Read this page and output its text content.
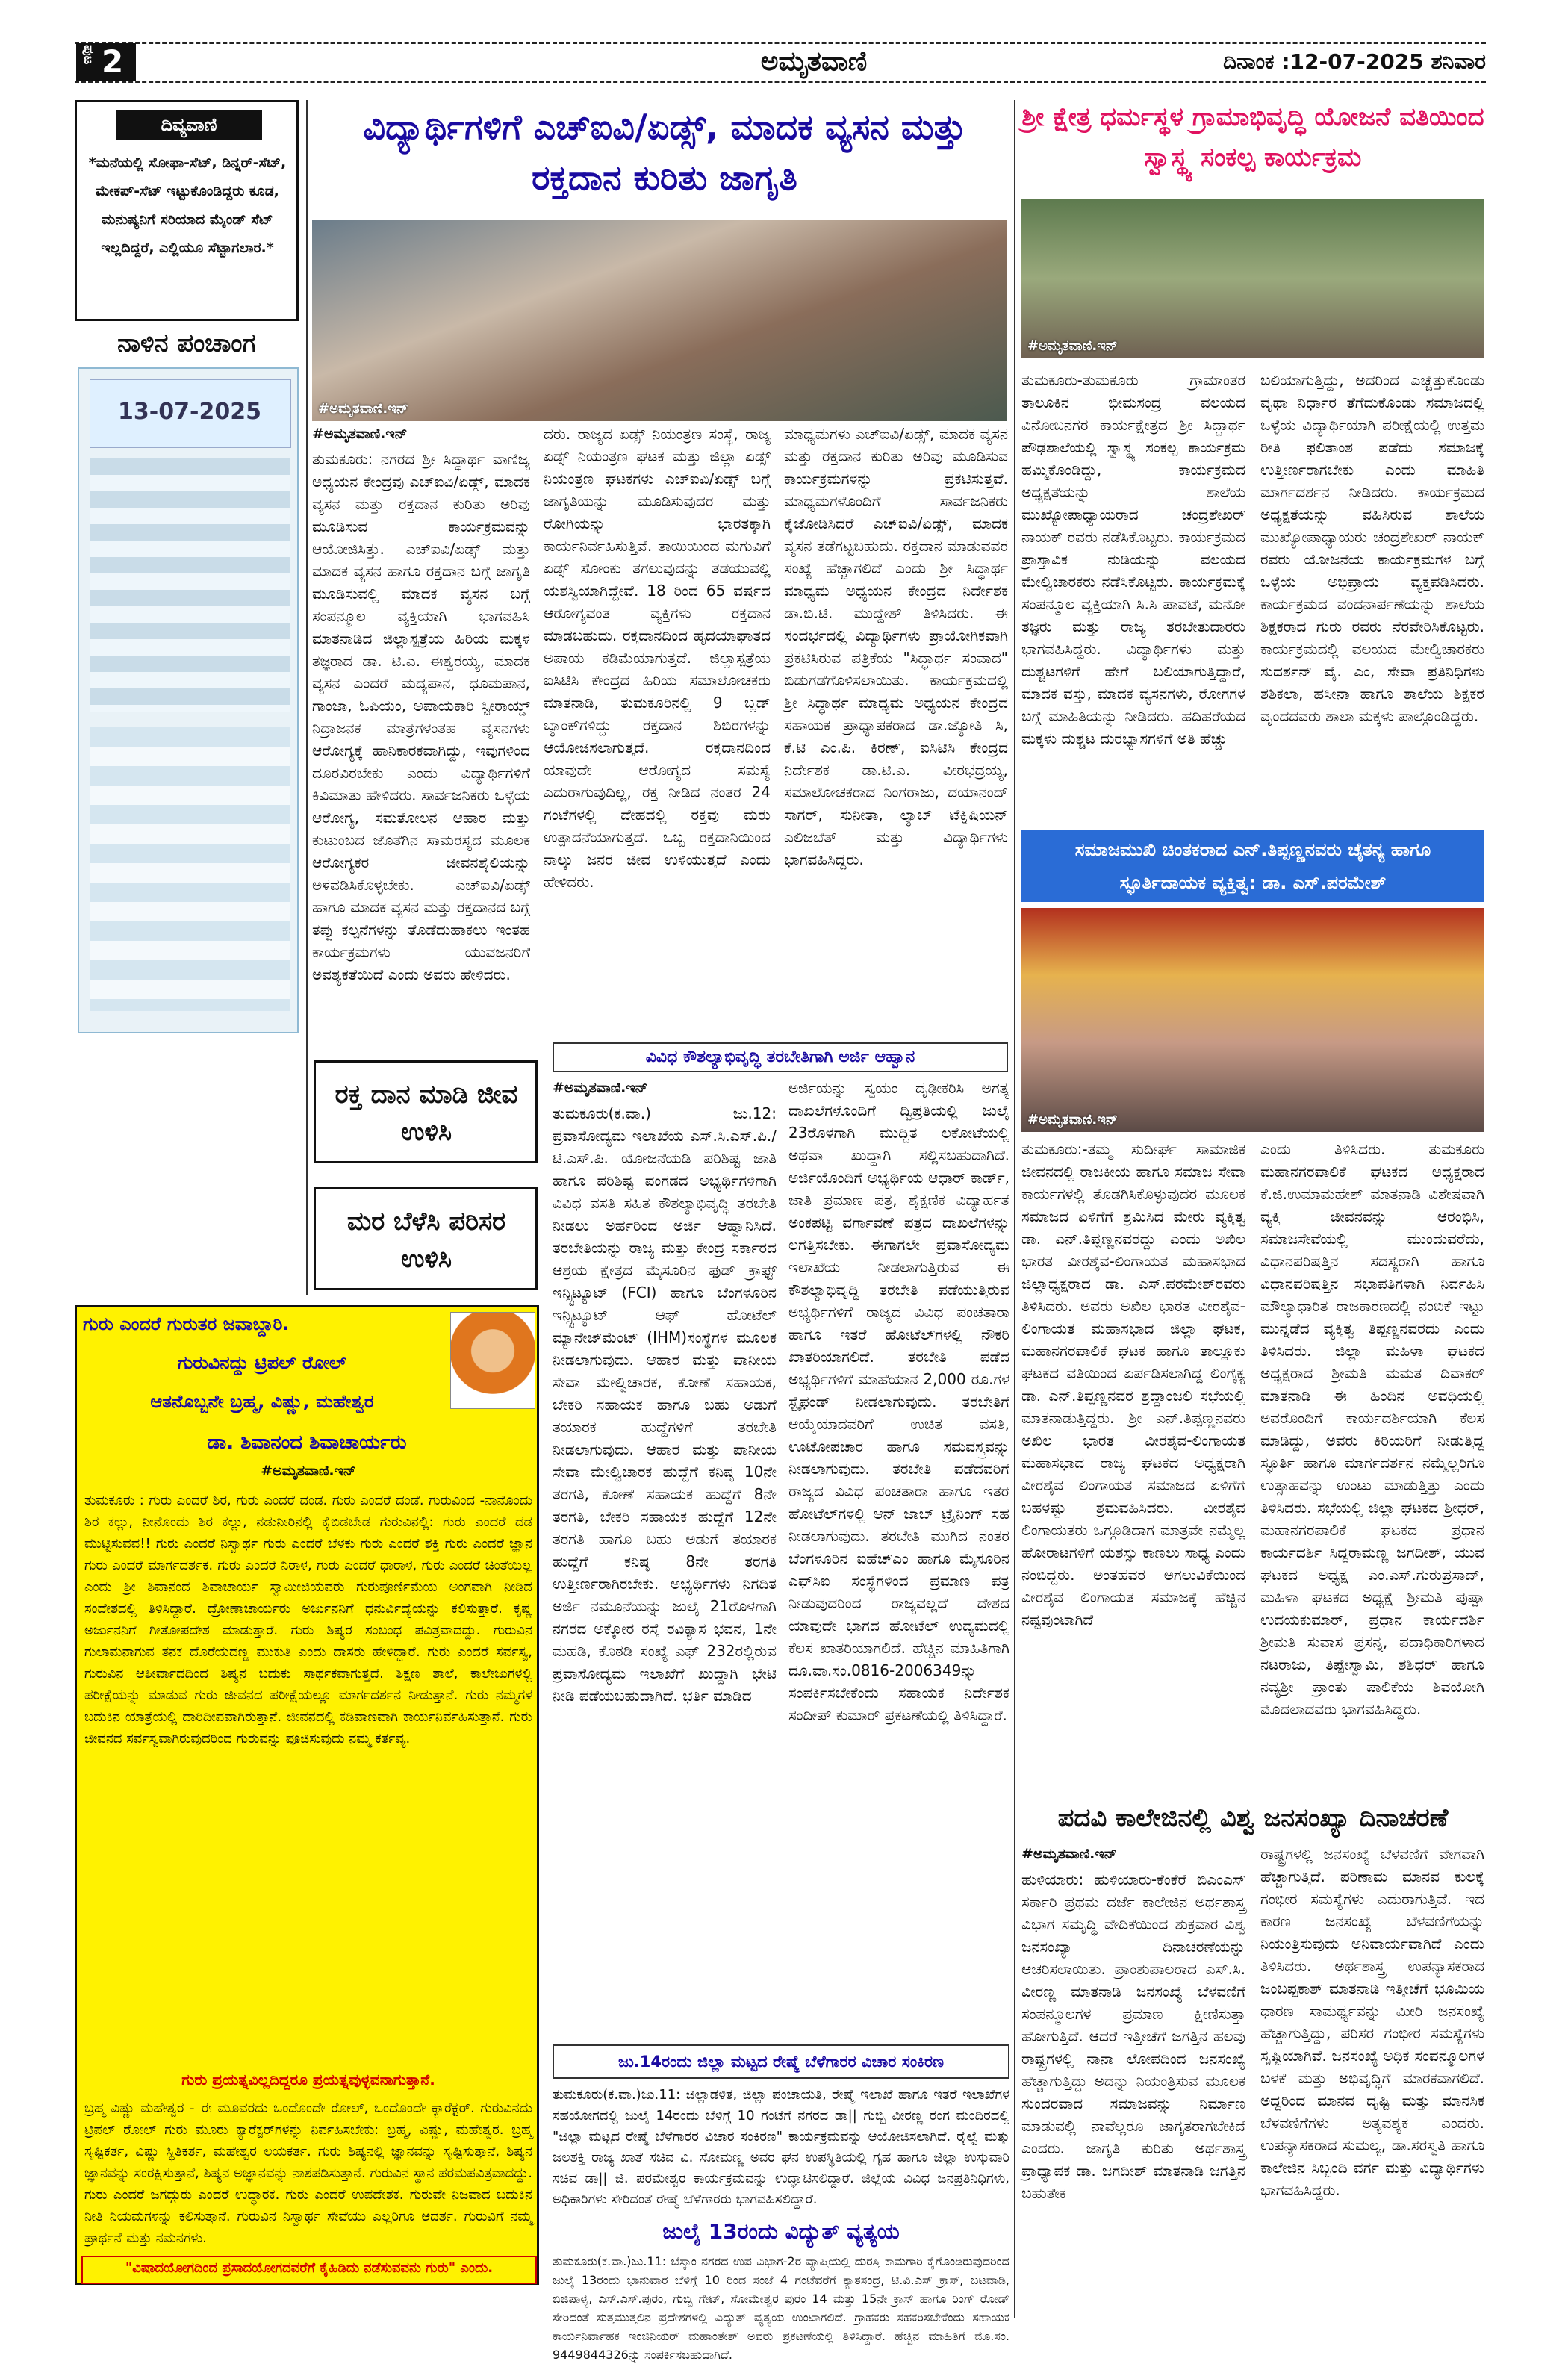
ಪುಟ 2	ಅಮೃತವಾಣಿ	ದಿನಾಂಕ :12-07-2025 ಶನಿವಾರ
ದಿವ್ಯವಾಣಿ
*ಮನೆಯಲ್ಲಿ ಸೋಫಾ-ಸೆಟ್, ಡಿನ್ನರ್-ಸೆಟ್, ಮೇಕಪ್-ಸೆಟ್ ಇಟ್ಟುಕೊಂಡಿದ್ದರು ಕೂಡ, ಮನುಷ್ಯನಿಗೆ ಸರಿಯಾದ ಮೈಂಡ್ ಸೆಟ್ ಇಲ್ಲದಿದ್ದರೆ, ಎಲ್ಲಿಯೂ ಸೆಟ್ಟಾಗಲಾರ.*
ನಾಳಿನ ಪಂಚಾಂಗ
13-07-2025
ರಕ್ತ ದಾನ ಮಾಡಿ ಜೀವ ಉಳಿಸಿ
ಮರ ಬೆಳೆಸಿ ಪರಿಸರ ಉಳಿಸಿ
ವಿದ್ಯಾರ್ಥಿಗಳಿಗೆ ಎಚ್‌ಐವಿ/ಏಡ್ಸ್, ಮಾದಕ ವ್ಯಸನ ಮತ್ತು ರಕ್ತದಾನ ಕುರಿತು ಜಾಗೃತಿ
#ಅಮೃತವಾಣಿ.ಇನ್
#ಅಮೃತವಾಣಿ.ಇನ್

ತುಮಕೂರು: ನಗರದ ಶ್ರೀ ಸಿದ್ಧಾರ್ಥ ವಾಣಿಜ್ಯ ಅಧ್ಯಯನ ಕೇಂದ್ರವು ಎಚ್‌ಐವಿ/ಏಡ್ಸ್, ಮಾದಕ ವ್ಯಸನ ಮತ್ತು ರಕ್ತದಾನ ಕುರಿತು ಅರಿವು ಮೂಡಿಸುವ ಕಾರ್ಯಕ್ರಮವನ್ನು ಆಯೋಜಿಸಿತ್ತು. ಎಚ್‌ಐವಿ/ಏಡ್ಸ್ ಮತ್ತು ಮಾದಕ ವ್ಯಸನ ಹಾಗೂ ರಕ್ತದಾನ ಬಗ್ಗೆ ಜಾಗೃತಿ ಮೂಡಿಸುವಲ್ಲಿ ಮಾದಕ ವ್ಯಸನ ಬಗ್ಗೆ ಸಂಪನ್ಮೂಲ ವ್ಯಕ್ತಿಯಾಗಿ ಭಾಗವಹಿಸಿ ಮಾತನಾಡಿದ ಜಿಲ್ಲಾಸ್ಪತ್ರೆಯ ಹಿರಿಯ ಮಕ್ಕಳ ತಜ್ಞರಾದ ಡಾ. ಟಿ.ಎ. ಈಶ್ವರಯ್ಯ, ಮಾದಕ ವ್ಯಸನ ಎಂದರೆ ಮದ್ಯಪಾನ, ಧೂಮಪಾನ, ಗಾಂಜಾ, ಓಪಿಯಂ, ಅಪಾಯಕಾರಿ ಸ್ಟೀರಾಯ್ಡ್ ನಿದ್ರಾಜನಕ ಮಾತ್ರೆಗಳಂತಹ ವ್ಯಸನಗಳು ಆರೋಗ್ಯಕ್ಕೆ ಹಾನಿಕಾರಕವಾಗಿದ್ದು, ಇವುಗಳಿಂದ ದೂರವಿರಬೇಕು ಎಂದು ವಿದ್ಯಾರ್ಥಿಗಳಿಗೆ ಕಿವಿಮಾತು ಹೇಳಿದರು. ಸಾರ್ವಜನಿಕರು ಒಳ್ಳೆಯ ಆರೋಗ್ಯ, ಸಮತೋಲನ ಆಹಾರ ಮತ್ತು ಕುಟುಂಬದ ಜೊತೆಗಿನ ಸಾಮರಸ್ಯದ ಮೂಲಕ ಆರೋಗ್ಯಕರ ಜೀವನಶೈಲಿಯನ್ನು ಅಳವಡಿಸಿಕೊಳ್ಳಬೇಕು. ಎಚ್‌ಐವಿ/ಏಡ್ಸ್ ಹಾಗೂ ಮಾದಕ ವ್ಯಸನ ಮತ್ತು ರಕ್ತದಾನದ ಬಗ್ಗೆ ತಪ್ಪು ಕಲ್ಪನೆಗಳನ್ನು ತೊಡೆದುಹಾಕಲು ಇಂತಹ ಕಾರ್ಯಕ್ರಮಗಳು ಯುವಜನರಿಗೆ ಅವಶ್ಯಕತೆಯಿದೆ ಎಂದು ಅವರು ಹೇಳಿದರು.

ದರು. ರಾಜ್ಯದ ಏಡ್ಸ್ ನಿಯಂತ್ರಣ ಸಂಸ್ಥೆ, ರಾಜ್ಯ ಏಡ್ಸ್ ನಿಯಂತ್ರಣ ಘಟಕ ಮತ್ತು ಜಿಲ್ಲಾ ಏಡ್ಸ್ ನಿಯಂತ್ರಣ ಘಟಕಗಳು ಎಚ್‌ಐವಿ/ಏಡ್ಸ್ ಬಗ್ಗೆ ಜಾಗೃತಿಯನ್ನು ಮೂಡಿಸುವುದರ ಮತ್ತು ರೋಗಿಯನ್ನು ಭಾರತಕ್ಕಾಗಿ ಕಾರ್ಯನಿರ್ವಹಿಸುತ್ತಿವೆ. ತಾಯಿಯಿಂದ ಮಗುವಿಗೆ ಏಡ್ಸ್ ಸೋಂಕು ತಗಲುವುದನ್ನು ತಡೆಯುವಲ್ಲಿ ಯಶಸ್ವಿಯಾಗಿದ್ದೇವೆ. 18 ರಿಂದ 65 ವರ್ಷದ ಆರೋಗ್ಯವಂತ ವ್ಯಕ್ತಿಗಳು ರಕ್ತದಾನ ಮಾಡಬಹುದು. ರಕ್ತದಾನದಿಂದ ಹೃದಯಾಘಾತದ ಅಪಾಯ ಕಡಿಮೆಯಾಗುತ್ತದೆ. ಜಿಲ್ಲಾಸ್ಪತ್ರೆಯ ಐಸಿಟಿಸಿ ಕೇಂದ್ರದ ಹಿರಿಯ ಸಮಾಲೋಚಕರು ಮಾತನಾಡಿ, ತುಮಕೂರಿನಲ್ಲಿ 9 ಬ್ಲಡ್ ಬ್ಯಾಂಕ್‌ಗಳಿದ್ದು ರಕ್ತದಾನ ಶಿಬಿರಗಳನ್ನು ಆಯೋಜಿಸಲಾಗುತ್ತದೆ. ರಕ್ತದಾನದಿಂದ ಯಾವುದೇ ಆರೋಗ್ಯದ ಸಮಸ್ಯೆ ಎದುರಾಗುವುದಿಲ್ಲ, ರಕ್ತ ನೀಡಿದ ನಂತರ 24 ಗಂಟೆಗಳಲ್ಲಿ ದೇಹದಲ್ಲಿ ರಕ್ತವು ಮರು ಉತ್ಪಾದನೆಯಾಗುತ್ತದೆ. ಒಬ್ಬ ರಕ್ತದಾನಿಯಿಂದ ನಾಲ್ಕು ಜನರ ಜೀವ ಉಳಿಯುತ್ತದೆ ಎಂದು ಹೇಳಿದರು.

ಮಾಧ್ಯಮಗಳು ಎಚ್‌ಐವಿ/ಏಡ್ಸ್, ಮಾದಕ ವ್ಯಸನ ಮತ್ತು ರಕ್ತದಾನ ಕುರಿತು ಅರಿವು ಮೂಡಿಸುವ ಕಾರ್ಯಕ್ರಮಗಳನ್ನು ಪ್ರಕಟಿಸುತ್ತವೆ. ಮಾಧ್ಯಮಗಳೊಂದಿಗೆ ಸಾರ್ವಜನಿಕರು ಕೈಜೋಡಿಸಿದರೆ ಎಚ್‌ಐವಿ/ಏಡ್ಸ್, ಮಾದಕ ವ್ಯಸನ ತಡೆಗಟ್ಟಬಹುದು. ರಕ್ತದಾನ ಮಾಡುವವರ ಸಂಖ್ಯೆ ಹೆಚ್ಚಾಗಲಿದೆ ಎಂದು ಶ್ರೀ ಸಿದ್ಧಾರ್ಥ ಮಾಧ್ಯಮ ಅಧ್ಯಯನ ಕೇಂದ್ರದ ನಿರ್ದೇಶಕ ಡಾ.ಬಿ.ಟಿ. ಮುದ್ದೇಶ್ ತಿಳಿಸಿದರು. ಈ ಸಂದರ್ಭದಲ್ಲಿ ವಿದ್ಯಾರ್ಥಿಗಳು ಪ್ರಾಯೋಗಿಕವಾಗಿ ಪ್ರಕಟಿಸಿರುವ ಪತ್ರಿಕೆಯ "ಸಿದ್ಧಾರ್ಥ ಸಂವಾದ" ಬಿಡುಗಡೆಗೊಳಿಸಲಾಯಿತು. ಕಾರ್ಯಕ್ರಮದಲ್ಲಿ ಶ್ರೀ ಸಿದ್ಧಾರ್ಥ ಮಾಧ್ಯಮ ಅಧ್ಯಯನ ಕೇಂದ್ರದ ಸಹಾಯಕ ಪ್ರಾಧ್ಯಾಪಕರಾದ ಡಾ.ಜ್ಯೋತಿ ಸಿ, ಕೆ.ಟಿ ಎಂ.ಪಿ. ಕಿರಣ್, ಐಸಿಟಿಸಿ ಕೇಂದ್ರದ ನಿರ್ದೇಶಕ ಡಾ.ಟಿ.ಎ. ವೀರಭದ್ರಯ್ಯ, ಸಮಾಲೋಚಕರಾದ ನಿಂಗರಾಜು, ದಯಾನಂದ್ ಸಾಗರ್, ಸುನೀತಾ, ಲ್ಯಾಬ್ ಟೆಕ್ನಿಷಿಯನ್ ಎಲಿಜಬೆತ್ ಮತ್ತು ವಿದ್ಯಾರ್ಥಿಗಳು ಭಾಗವಹಿಸಿದ್ದರು.

ಶ್ರೀ ಕ್ಷೇತ್ರ ಧರ್ಮಸ್ಥಳ ಗ್ರಾಮಾಭಿವೃದ್ಧಿ ಯೋಜನೆ ವತಿಯಿಂದ ಸ್ವಾಸ್ಥ್ಯ ಸಂಕಲ್ಪ ಕಾರ್ಯಕ್ರಮ
#ಅಮೃತವಾಣಿ.ಇನ್

ತುಮಕೂರು-ತುಮಕೂರು ಗ್ರಾಮಾಂತರ ತಾಲೂಕಿನ ಭೀಮಸಂದ್ರ ವಲಯದ ವಿನೋಬನಗರ ಕಾರ್ಯಕ್ಷೇತ್ರದ ಶ್ರೀ ಸಿದ್ಧಾರ್ಥ ಪೌಢಶಾಲೆಯಲ್ಲಿ ಸ್ವಾಸ್ಥ್ಯ ಸಂಕಲ್ಪ ಕಾರ್ಯಕ್ರಮ ಹಮ್ಮಿಕೊಂಡಿದ್ದು, ಕಾರ್ಯಕ್ರಮದ ಅಧ್ಯಕ್ಷತೆಯನ್ನು ಶಾಲೆಯ ಮುಖ್ಯೋಪಾಧ್ಯಾಯರಾದ ಚಂದ್ರಶೇಖರ್ ನಾಯಕ್ ರವರು ನಡೆಸಿಕೊಟ್ಟರು. ಕಾರ್ಯಕ್ರಮದ ಪ್ರಾಸ್ತಾವಿಕ ನುಡಿಯನ್ನು ವಲಯದ ಮೇಲ್ವಿಚಾರಕರು ನಡೆಸಿಕೊಟ್ಟರು. ಕಾರ್ಯಕ್ರಮಕ್ಕೆ ಸಂಪನ್ಮೂಲ ವ್ಯಕ್ತಿಯಾಗಿ ಸಿ.ಸಿ ಪಾವಟೆ, ಮನೋ ತಜ್ಞರು ಮತ್ತು ರಾಜ್ಯ ತರಬೇತುದಾರರು ಭಾಗವಹಿಸಿದ್ದರು. ವಿದ್ಯಾರ್ಥಿಗಳು ಮತ್ತು ದುಶ್ಚಟಗಳಿಗೆ ಹೇಗೆ ಬಲಿಯಾಗುತ್ತಿದ್ದಾರೆ, ಮಾದಕ ವಸ್ತು, ಮಾದಕ ವ್ಯಸನಗಳು, ರೋಗಗಳ ಬಗ್ಗೆ ಮಾಹಿತಿಯನ್ನು ನೀಡಿದರು. ಹದಿಹರೆಯದ ಮಕ್ಕಳು ದುಶ್ಚಟ ದುರಭ್ಯಾಸಗಳಿಗೆ ಅತಿ ಹೆಚ್ಚು

ಬಲಿಯಾಗುತ್ತಿದ್ದು, ಅದರಿಂದ ಎಚ್ಚೆತ್ತುಕೊಂಡು ವೃಥಾ ನಿರ್ಧಾರ ತೆಗೆದುಕೊಂಡು ಸಮಾಜದಲ್ಲಿ ಒಳ್ಳೆಯ ವಿದ್ಯಾರ್ಥಿಯಾಗಿ ಪರೀಕ್ಷೆಯಲ್ಲಿ ಉತ್ತಮ ರೀತಿ ಫಲಿತಾಂಶ ಪಡೆದು ಸಮಾಜಕ್ಕೆ ಉತ್ತೀರ್ಣರಾಗಬೇಕು ಎಂದು ಮಾಹಿತಿ ಮಾರ್ಗದರ್ಶನ ನೀಡಿದರು. ಕಾರ್ಯಕ್ರಮದ ಅಧ್ಯಕ್ಷತೆಯನ್ನು ವಹಿಸಿರುವ ಶಾಲೆಯ ಮುಖ್ಯೋಪಾಧ್ಯಾಯರು ಚಂದ್ರಶೇಖರ್ ನಾಯಕ್ ರವರು ಯೋಜನೆಯ ಕಾರ್ಯಕ್ರಮಗಳ ಬಗ್ಗೆ ಒಳ್ಳೆಯ ಅಭಿಪ್ರಾಯ ವ್ಯಕ್ತಪಡಿಸಿದರು. ಕಾರ್ಯಕ್ರಮದ ವಂದನಾರ್ಪಣೆಯನ್ನು ಶಾಲೆಯ ಶಿಕ್ಷಕರಾದ ಗುರು ರವರು ನೆರವೇರಿಸಿಕೊಟ್ಟರು. ಕಾರ್ಯಕ್ರಮದಲ್ಲಿ ವಲಯದ ಮೇಲ್ವಿಚಾರಕರು ಸುದರ್ಶನ್ ವೈ. ಎಂ, ಸೇವಾ ಪ್ರತಿನಿಧಿಗಳು ಶಶಿಕಲಾ, ಹಸೀನಾ ಹಾಗೂ ಶಾಲೆಯ ಶಿಕ್ಷಕರ ವೃಂದದವರು ಶಾಲಾ ಮಕ್ಕಳು ಪಾಲ್ಗೊಂಡಿದ್ದರು.

ಸಮಾಜಮುಖಿ ಚಿಂತಕರಾದ ಎನ್.ತಿಪ್ಪಣ್ಣನವರು ಚೈತನ್ಯ ಹಾಗೂ ಸ್ಫೂರ್ತಿದಾಯಕ ವ್ಯಕ್ತಿತ್ವ: ಡಾ. ಎಸ್.ಪರಮೇಶ್
#ಅಮೃತವಾಣಿ.ಇನ್

ತುಮಕೂರು:-ತಮ್ಮ ಸುದೀರ್ಘ ಸಾಮಾಜಿಕ ಜೀವನದಲ್ಲಿ ರಾಜಕೀಯ ಹಾಗೂ ಸಮಾಜ ಸೇವಾ ಕಾರ್ಯಗಳಲ್ಲಿ ತೊಡಗಿಸಿಕೊಳ್ಳುವುದರ ಮೂಲಕ ಸಮಾಜದ ಏಳಿಗೆಗೆ ಶ್ರಮಿಸಿದ ಮೇರು ವ್ಯಕ್ತಿತ್ವ ಡಾ. ಎನ್.ತಿಪ್ಪಣ್ಣನವರದ್ದು ಎಂದು ಅಖಿಲ ಭಾರತ ವೀರಶೈವ-ಲಿಂಗಾಯತ ಮಹಾಸಭಾದ ಜಿಲ್ಲಾಧ್ಯಕ್ಷರಾದ ಡಾ. ಎಸ್.ಪರಮೇಶ್‌ರವರು ತಿಳಿಸಿದರು. ಅವರು ಅಖಿಲ ಭಾರತ ವೀರಶೈವ-ಲಿಂಗಾಯತ ಮಹಾಸಭಾದ ಜಿಲ್ಲಾ ಘಟಕ, ಮಹಾನಗರಪಾಲಿಕೆ ಘಟಕ ಹಾಗೂ ತಾಲ್ಲೂಕು ಘಟಕದ ವತಿಯಿಂದ ಏರ್ಪಡಿಸಲಾಗಿದ್ದ ಲಿಂಗೈಕ್ಯ ಡಾ. ಎನ್.ತಿಪ್ಪಣ್ಣನವರ ಶ್ರದ್ಧಾಂಜಲಿ ಸಭೆಯಲ್ಲಿ ಮಾತನಾಡುತ್ತಿದ್ದರು. ಶ್ರೀ ಎನ್.ತಿಪ್ಪಣ್ಣನವರು ಅಖಿಲ ಭಾರತ ವೀರಶೈವ-ಲಿಂಗಾಯತ ಮಹಾಸಭಾದ ರಾಜ್ಯ ಘಟಕದ ಅಧ್ಯಕ್ಷರಾಗಿ ವೀರಶೈವ ಲಿಂಗಾಯತ ಸಮಾಜದ ಏಳಿಗೆಗೆ ಬಹಳಷ್ಟು ಶ್ರಮವಹಿಸಿದರು. ವೀರಶೈವ ಲಿಂಗಾಯತರು ಒಗ್ಗೂಡಿದಾಗ ಮಾತ್ರವೇ ನಮ್ಮೆಲ್ಲ ಹೋರಾಟಗಳಿಗೆ ಯಶಸ್ಸು ಕಾಣಲು ಸಾಧ್ಯ ಎಂದು ನಂಬಿದ್ದರು. ಅಂತಹವರ ಅಗಲುವಿಕೆಯಿಂದ ವೀರಶೈವ ಲಿಂಗಾಯತ ಸಮಾಜಕ್ಕೆ ಹೆಚ್ಚಿನ ನಷ್ಟವುಂಟಾಗಿದೆ

ಎಂದು ತಿಳಿಸಿದರು. ತುಮಕೂರು ಮಹಾನಗರಪಾಲಿಕೆ ಘಟಕದ ಅಧ್ಯಕ್ಷರಾದ ಕೆ.ಜಿ.ಉಮಾಮಹೇಶ್ ಮಾತನಾಡಿ ವಿಶೇಷವಾಗಿ ವ್ಯಕ್ತಿ ಜೀವನವನ್ನು ಆರಂಭಿಸಿ, ಸಮಾಜಸೇವೆಯಲ್ಲಿ ಮುಂದುವರೆದು, ವಿಧಾನಪರಿಷತ್ತಿನ ಸದಸ್ಯರಾಗಿ ಹಾಗೂ ವಿಧಾನಪರಿಷತ್ತಿನ ಸಭಾಪತಿಗಳಾಗಿ ನಿರ್ವಹಿಸಿ ಮೌಲ್ಯಾಧಾರಿತ ರಾಜಕಾರಣದಲ್ಲಿ ನಂಬಿಕೆ ಇಟ್ಟು ಮುನ್ನಡೆದ ವ್ಯಕ್ತಿತ್ವ ತಿಪ್ಪಣ್ಣನವರದು ಎಂದು ತಿಳಿಸಿದರು. ಜಿಲ್ಲಾ ಮಹಿಳಾ ಘಟಕದ ಅಧ್ಯಕ್ಷರಾದ ಶ್ರೀಮತಿ ಮಮತ ದಿವಾಕರ್ ಮಾತನಾಡಿ ಈ ಹಿಂದಿನ ಅವಧಿಯಲ್ಲಿ ಅವರೊಂದಿಗೆ ಕಾರ್ಯದರ್ಶಿಯಾಗಿ ಕೆಲಸ ಮಾಡಿದ್ದು, ಅವರು ಕಿರಿಯರಿಗೆ ನೀಡುತ್ತಿದ್ದ ಸ್ಫೂರ್ತಿ ಹಾಗೂ ಮಾರ್ಗದರ್ಶನ ನಮ್ಮೆಲ್ಲರಿಗೂ ಉತ್ಸಾಹವನ್ನು ಉಂಟು ಮಾಡುತ್ತಿತ್ತು ಎಂದು ತಿಳಿಸಿದರು. ಸಭೆಯಲ್ಲಿ ಜಿಲ್ಲಾ ಘಟಕದ ಶ್ರೀಧರ್, ಮಹಾನಗರಪಾಲಿಕೆ ಘಟಕದ ಪ್ರಧಾನ ಕಾರ್ಯದರ್ಶಿ ಸಿದ್ದರಾಮಣ್ಣ ಜಗದೀಶ್, ಯುವ ಘಟಕದ ಅಧ್ಯಕ್ಷ ಎಂ.ಎಸ್.ಗುರುಪ್ರಸಾದ್, ಮಹಿಳಾ ಘಟಕದ ಅಧ್ಯಕ್ಷೆ ಶ್ರೀಮತಿ ಪುಷ್ಪಾ ಉದಯಕುಮಾರ್, ಪ್ರಧಾನ ಕಾರ್ಯದರ್ಶಿ ಶ್ರೀಮತಿ ಸುವಾಸ ಪ್ರಸನ್ನ, ಪದಾಧಿಕಾರಿಗಳಾದ ನಟರಾಜು, ತಿಪ್ಪೇಸ್ವಾಮಿ, ಶಶಿಧರ್ ಹಾಗೂ ನವ್ಯಶ್ರೀ ಪ್ರಾಂತು ಪಾಲಿಕೆಯ ಶಿವಯೋಗಿ ಮೊದಲಾದವರು ಭಾಗವಹಿಸಿದ್ದರು.

ವಿವಿಧ ಕೌಶಲ್ಯಾಭಿವೃದ್ಧಿ ತರಬೇತಿಗಾಗಿ ಅರ್ಜಿ ಆಹ್ವಾನ
#ಅಮೃತವಾಣಿ.ಇನ್

ತುಮಕೂರು(ಕ.ವಾ.) ಜು.12: ಪ್ರವಾಸೋದ್ಯಮ ಇಲಾಖೆಯ ಎಸ್.ಸಿ.ಎಸ್.ಪಿ./ಟಿ.ಎಸ್.ಪಿ. ಯೋಜನೆಯಡಿ ಪರಿಶಿಷ್ಟ ಜಾತಿ ಹಾಗೂ ಪರಿಶಿಷ್ಟ ಪಂಗಡದ ಅಭ್ಯರ್ಥಿಗಳಿಗಾಗಿ ವಿವಿಧ ವಸತಿ ಸಹಿತ ಕೌಶಲ್ಯಾಭಿವೃದ್ಧಿ ತರಬೇತಿ ನೀಡಲು ಅರ್ಹರಿಂದ ಅರ್ಜಿ ಆಹ್ವಾನಿಸಿದೆ. ತರಬೇತಿಯನ್ನು ರಾಜ್ಯ ಮತ್ತು ಕೇಂದ್ರ ಸರ್ಕಾರದ ಆಶ್ರಯ ಕ್ಷೇತ್ರದ ಮೈಸೂರಿನ ಫುಡ್ ಕ್ರಾಫ್ಟ್ ಇನ್ಸ್ಟಿಟ್ಯೂಟ್ (FCI) ಹಾಗೂ ಬೆಂಗಳೂರಿನ ಇನ್ಸ್ಟಿಟ್ಯೂಟ್ ಆಫ್ ಹೋಟೆಲ್ ಮ್ಯಾನೇಜ್‌ಮೆಂಟ್ (IHM)ಸಂಸ್ಥೆಗಳ ಮೂಲಕ ನೀಡಲಾಗುವುದು. ಆಹಾರ ಮತ್ತು ಪಾನೀಯ ಸೇವಾ ಮೇಲ್ವಿಚಾರಕ, ಕೋಣೆ ಸಹಾಯಕ, ಬೇಕರಿ ಸಹಾಯಕ ಹಾಗೂ ಬಹು ಅಡುಗೆ ತಯಾರಕ ಹುದ್ದೆಗಳಿಗೆ ತರಬೇತಿ ನೀಡಲಾಗುವುದು. ಆಹಾರ ಮತ್ತು ಪಾನೀಯ ಸೇವಾ ಮೇಲ್ವಿಚಾರಕ ಹುದ್ದೆಗೆ ಕನಿಷ್ಠ 10ನೇ ತರಗತಿ, ಕೋಣೆ ಸಹಾಯಕ ಹುದ್ದೆಗೆ 8ನೇ ತರಗತಿ, ಬೇಕರಿ ಸಹಾಯಕ ಹುದ್ದೆಗೆ 12ನೇ ತರಗತಿ ಹಾಗೂ ಬಹು ಅಡುಗೆ ತಯಾರಕ ಹುದ್ದೆಗೆ ಕನಿಷ್ಠ 8ನೇ ತರಗತಿ ಉತ್ತೀರ್ಣರಾಗಿರಬೇಕು. ಅಭ್ಯರ್ಥಿಗಳು ನಿಗದಿತ ಅರ್ಜಿ ನಮೂನೆಯನ್ನು ಜುಲೈ 21ರೊಳಗಾಗಿ ನಗರದ ಅಕ್ಕೋರ ರಸ್ತೆ ರವಿಕ್ಯಾಸ ಭವನ, 1ನೇ ಮಹಡಿ, ಕೊಠಡಿ ಸಂಖ್ಯೆ ಎಫ್ 232ರಲ್ಲಿರುವ ಪ್ರವಾಸೋದ್ಯಮ ಇಲಾಖೆಗೆ ಖುದ್ದಾಗಿ ಭೇಟಿ ನೀಡಿ ಪಡೆಯಬಹುದಾಗಿದೆ. ಭರ್ತಿ ಮಾಡಿದ

ಅರ್ಜಿಯನ್ನು ಸ್ವಯಂ ದೃಢೀಕರಿಸಿ ಅಗತ್ಯ ದಾಖಲೆಗಳೊಂದಿಗೆ ದ್ವಿಪ್ರತಿಯಲ್ಲಿ ಜುಲೈ 23ರೊಳಗಾಗಿ ಮುದ್ದಿತ ಲಕೋಟೆಯಲ್ಲಿ ಅಥವಾ ಖುದ್ದಾಗಿ ಸಲ್ಲಿಸಬಹುದಾಗಿದೆ. ಅರ್ಜಿಯೊಂದಿಗೆ ಅಭ್ಯರ್ಥಿಯ ಆಧಾರ್ ಕಾರ್ಡ್, ಜಾತಿ ಪ್ರಮಾಣ ಪತ್ರ, ಶೈಕ್ಷಣಿಕ ವಿದ್ಯಾರ್ಹತೆ ಅಂಕಪಟ್ಟಿ ವರ್ಗಾವಣೆ ಪತ್ರದ ದಾಖಲೆಗಳನ್ನು ಲಗತ್ತಿಸಬೇಕು. ಈಗಾಗಲೇ ಪ್ರವಾಸೋದ್ಯಮ ಇಲಾಖೆಯ ನೀಡಲಾಗುತ್ತಿರುವ ಈ ಕೌಶಲ್ಯಾಭಿವೃದ್ಧಿ ತರಬೇತಿ ಪಡೆಯುತ್ತಿರುವ ಅಭ್ಯರ್ಥಿಗಳಿಗೆ ರಾಜ್ಯದ ವಿವಿಧ ಪಂಚತಾರಾ ಹಾಗೂ ಇತರೆ ಹೋಟೆಲ್‌ಗಳಲ್ಲಿ ನೌಕರಿ ಖಾತರಿಯಾಗಲಿದೆ. ತರಬೇತಿ ಪಡೆದ ಅಭ್ಯರ್ಥಿಗಳಿಗೆ ಮಾಹೆಯಾನ 2,000 ರೂ.ಗಳ ಸ್ಟೈಫಂಡ್ ನೀಡಲಾಗುವುದು. ತರಬೇತಿಗೆ ಆಯ್ಕೆಯಾದವರಿಗೆ ಉಚಿತ ವಸತಿ, ಊಟೋಪಚಾರ ಹಾಗೂ ಸಮವಸ್ತ್ರವನ್ನು ನೀಡಲಾಗುವುದು. ತರಬೇತಿ ಪಡೆದವರಿಗೆ ರಾಜ್ಯದ ವಿವಿಧ ಪಂಚತಾರಾ ಹಾಗೂ ಇತರೆ ಹೋಟೆಲ್‌ಗಳಲ್ಲಿ ಆನ್ ಜಾಬ್ ಟ್ರೈನಿಂಗ್ ಸಹ ನೀಡಲಾಗುವುದು. ತರಬೇತಿ ಮುಗಿದ ನಂತರ ಬೆಂಗಳೂರಿನ ಐಹೆಚ್‌ಎಂ ಹಾಗೂ ಮೈಸೂರಿನ ಎಫ್‌ಸಿಐ ಸಂಸ್ಥೆಗಳಿಂದ ಪ್ರಮಾಣ ಪತ್ರ ನೀಡುವುದರಿಂದ ರಾಜ್ಯವಲ್ಲದೆ ದೇಶದ ಯಾವುದೇ ಭಾಗದ ಹೋಟೆಲ್ ಉದ್ಯಮದಲ್ಲಿ ಕೆಲಸ ಖಾತರಿಯಾಗಲಿದೆ. ಹೆಚ್ಚಿನ ಮಾಹಿತಿಗಾಗಿ ದೂ.ವಾ.ಸಂ.0816-2006349ನ್ನು ಸಂಪರ್ಕಿಸಬೇಕೆಂದು ಸಹಾಯಕ ನಿರ್ದೇಶಕ ಸಂದೀಪ್ ಕುಮಾರ್ ಪ್ರಕಟಣೆಯಲ್ಲಿ ತಿಳಿಸಿದ್ದಾರೆ.

ಗುರು ಎಂದರೆ ಗುರುತರ ಜವಾಬ್ದಾರಿ.
ಗುರುವಿನದ್ದು ಟ್ರಿಪಲ್ ರೋಲ್
ಆತನೊಬ್ಬನೇ ಬ್ರಹ್ಮ, ವಿಷ್ಣು, ಮಹೇಶ್ವರ
ಡಾ. ಶಿವಾನಂದ ಶಿವಾಚಾರ್ಯರು
#ಅಮೃತವಾಣಿ.ಇನ್
ತುಮಕೂರು : ಗುರು ಎಂದರೆ ಶಿರ, ಗುರು ಎಂದರೆ ದಂಡ. ಗುರು ಎಂದರೆ ದಂಡೆ. ಗುರುವಿಂದ -ನಾನೊಂದು ಶಿರ ಕಲ್ಲು, ನೀನೊಂದು ಶಿರ ಕಲ್ಲು, ನಡುನೀರಿನಲ್ಲಿ ಕೈಬಿಡಬೇಡ ಗುರುವಿನಲ್ಲಿ: ಗುರು ಎಂದರೆ ದಡ ಮುಟ್ಟಿಸುವವ!! ಗುರು ಎಂದರೆ ನಿಸ್ವಾರ್ಥ ಗುರು ಎಂದರೆ ಬೆಳಕು ಗುರು ಎಂದರೆ ಶಕ್ತಿ ಗುರು ಎಂದರೆ ಜ್ಞಾನ ಗುರು ಎಂದರೆ ಮಾರ್ಗದರ್ಶಕ. ಗುರು ಎಂದರೆ ನಿರಾಳ, ಗುರು ಎಂದರೆ ಧಾರಾಳ, ಗುರು ಎಂದರೆ ಚಿಂತೆಯಿಲ್ಲ ಎಂದು ಶ್ರೀ ಶಿವಾನಂದ ಶಿವಾಚಾರ್ಯ ಸ್ವಾಮೀಜಿಯವರು ಗುರುಪೂರ್ಣಿಮೆಯ ಅಂಗವಾಗಿ ನೀಡಿದ ಸಂದೇಶದಲ್ಲಿ ತಿಳಿಸಿದ್ದಾರೆ. ದ್ರೋಣಾಚಾರ್ಯರು ಅರ್ಜುನನಿಗೆ ಧನುರ್ವಿದ್ಯೆಯನ್ನು ಕಲಿಸುತ್ತಾರೆ. ಕೃಷ್ಣ ಅರ್ಜುನನಿಗೆ ಗೀತೋಪದೇಶ ಮಾಡುತ್ತಾರೆ. ಗುರು ಶಿಷ್ಯರ ಸಂಬಂಧ ಪವಿತ್ರವಾದದ್ದು. ಗುರುವಿನ ಗುಲಾಮನಾಗುವ ತನಕ ದೊರೆಯದಣ್ಣ ಮುಕುತಿ ಎಂದು ದಾಸರು ಹೇಳಿದ್ದಾರೆ. ಗುರು ಎಂದರೆ ಸರ್ವಸ್ವ, ಗುರುವಿನ ಆಶೀರ್ವಾದದಿಂದ ಶಿಷ್ಯನ ಬದುಕು ಸಾರ್ಥಕವಾಗುತ್ತದೆ. ಶಿಕ್ಷಣ ಶಾಲೆ, ಕಾಲೇಜುಗಳಲ್ಲಿ ಪರೀಕ್ಷೆಯನ್ನು ಮಾಡುವ ಗುರು ಜೀವನದ ಪರೀಕ್ಷೆಯಲ್ಲೂ ಮಾರ್ಗದರ್ಶನ ನೀಡುತ್ತಾನೆ. ಗುರು ನಮ್ಮಗಳ ಬದುಕಿನ ಯಾತ್ರೆಯಲ್ಲಿ ದಾರಿದೀಪವಾಗಿರುತ್ತಾನೆ. ಜೀವನದಲ್ಲಿ ಕಡಿವಾಣವಾಗಿ ಕಾರ್ಯನಿರ್ವಹಿಸುತ್ತಾನೆ. ಗುರು ಜೀವನದ ಸರ್ವಸ್ವವಾಗಿರುವುದರಿಂದ ಗುರುವನ್ನು ಪೂಜಿಸುವುದು ನಮ್ಮ ಕರ್ತವ್ಯ.
ಗುರು ಪ್ರಯತ್ನವಿಲ್ಲದಿದ್ದರೂ ಪ್ರಯತ್ನವುಳ್ಳವನಾಗುತ್ತಾನೆ.
ಬ್ರಹ್ಮ ವಿಷ್ಣು ಮಹೇಶ್ವರ - ಈ ಮೂವರದು ಒಂದೊಂದೇ ರೋಲ್, ಒಂದೊಂದೇ ಕ್ಯಾರೆಕ್ಟರ್. ಗುರುವಿನದು ಟ್ರಿಪಲ್ ರೋಲ್ ಗುರು ಮೂರು ಕ್ಯಾರೆಕ್ಟರ್‌ಗಳನ್ನು ನಿರ್ವಹಿಸಬೇಕು: ಬ್ರಹ್ಮ, ವಿಷ್ಣು, ಮಹೇಶ್ವರ. ಬ್ರಹ್ಮ ಸೃಷ್ಟಿಕರ್ತ, ವಿಷ್ಣು ಸ್ಥಿತಿಕರ್ತ, ಮಹೇಶ್ವರ ಲಯಕರ್ತ. ಗುರು ಶಿಷ್ಯನಲ್ಲಿ ಜ್ಞಾನವನ್ನು ಸೃಷ್ಟಿಸುತ್ತಾನೆ, ಶಿಷ್ಯನ ಜ್ಞಾನವನ್ನು ಸಂರಕ್ಷಿಸುತ್ತಾನೆ, ಶಿಷ್ಯನ ಅಜ್ಞಾನವನ್ನು ನಾಶಪಡಿಸುತ್ತಾನೆ. ಗುರುವಿನ ಸ್ಥಾನ ಪರಮಪವಿತ್ರವಾದದ್ದು. ಗುರು ಎಂದರೆ ಜಗದ್ಗುರು ಎಂದರೆ ಉದ್ಧಾರಕ. ಗುರು ಎಂದರೆ ಉಪದೇಶಕ. ಗುರುವೇ ನಿಜವಾದ ಬದುಕಿನ ನೀತಿ ನಿಯಮಗಳನ್ನು ಕಲಿಸುತ್ತಾನೆ. ಗುರುವಿನ ನಿಸ್ವಾರ್ಥ ಸೇವೆಯು ಎಲ್ಲರಿಗೂ ಆದರ್ಶ. ಗುರುವಿಗೆ ನಮ್ಮ ಪ್ರಾರ್ಥನೆ ಮತ್ತು ನಮನಗಳು.
"ವಿಷಾದಯೋಗದಿಂದ ಪ್ರಸಾದಯೋಗದವರೆಗೆ ಕೈಹಿಡಿದು ನಡೆಸುವವನು ಗುರು" ಎಂದು.
ಜು.14ರಂದು ಜಿಲ್ಲಾ ಮಟ್ಟದ ರೇಷ್ಮೆ ಬೆಳೆಗಾರರ ವಿಚಾರ ಸಂಕಿರಣ
ತುಮಕೂರು(ಕ.ವಾ.)ಜು.11: ಜಿಲ್ಲಾಡಳಿತ, ಜಿಲ್ಲಾ ಪಂಚಾಯತಿ, ರೇಷ್ಮೆ ಇಲಾಖೆ ಹಾಗೂ ಇತರೆ ಇಲಾಖೆಗಳ ಸಹಯೋಗದಲ್ಲಿ ಜುಲೈ 14ರಂದು ಬೆಳಿಗ್ಗೆ 10 ಗಂಟೆಗೆ ನಗರದ ಡಾ|| ಗುಬ್ಬಿ ವೀರಣ್ಣ ರಂಗ ಮಂದಿರದಲ್ಲಿ "ಜಿಲ್ಲಾ ಮಟ್ಟದ ರೇಷ್ಮೆ ಬೆಳೆಗಾರರ ವಿಚಾರ ಸಂಕಿರಣ" ಕಾರ್ಯಕ್ರಮವನ್ನು ಆಯೋಜಿಸಲಾಗಿದೆ. ರೈಲ್ವೆ ಮತ್ತು ಜಲಶಕ್ತಿ ರಾಜ್ಯ ಖಾತೆ ಸಚಿವ ವಿ. ಸೋಮಣ್ಣ ಅವರ ಘನ ಉಪಸ್ಥಿತಿಯಲ್ಲಿ ಗೃಹ ಹಾಗೂ ಜಿಲ್ಲಾ ಉಸ್ತುವಾರಿ ಸಚಿವ ಡಾ|| ಜಿ. ಪರಮೇಶ್ವರ ಕಾರ್ಯಕ್ರಮವನ್ನು ಉದ್ಘಾಟಿಸಲಿದ್ದಾರೆ. ಜಿಲ್ಲೆಯ ವಿವಿಧ ಜನಪ್ರತಿನಿಧಿಗಳು, ಅಧಿಕಾರಿಗಳು ಸೇರಿದಂತೆ ರೇಷ್ಮೆ ಬೆಳೆಗಾರರು ಭಾಗವಹಿಸಲಿದ್ದಾರೆ.
ಜುಲೈ 13ರಂದು ವಿದ್ಯುತ್ ವ್ಯತ್ಯಯ
ತುಮಕೂರು(ಕ.ವಾ.)ಜು.11: ಬೆಸ್ಕಾಂ ನಗರದ ಉಪ ವಿಭಾಗ-2ರ ವ್ಯಾಪ್ತಿಯಲ್ಲಿ ದುರಸ್ತಿ ಕಾಮಗಾರಿ ಕೈಗೊಂಡಿರುವುದರಿಂದ ಜುಲೈ 13ರಂದು ಭಾನುವಾರ ಬೆಳಿಗ್ಗೆ 10 ರಿಂದ ಸಂಜೆ 4 ಗಂಟೆವರೆಗೆ ಕ್ಯಾತಸಂದ್ರ, ಟಿ.ವಿ.ಎಸ್ ಕ್ರಾಸ್, ಬಟವಾಡಿ, ಬಿಜಿಪಾಳ್ಯ, ಎಸ್.ಎಸ್.ಪುರಂ, ಗುಬ್ಬಿ ಗೇಟ್, ಸೋಮೇಶ್ವರ ಪುರಂ 14 ಮತ್ತು 15ನೇ ಕ್ರಾಸ್ ಹಾಗೂ ರಿಂಗ್ ರೋಡ್ ಸೇರಿದಂತೆ ಸುತ್ತಮುತ್ತಲಿನ ಪ್ರದೇಶಗಳಲ್ಲಿ ವಿದ್ಯುತ್ ವ್ಯತ್ಯಯ ಉಂಟಾಗಲಿದೆ. ಗ್ರಾಹಕರು ಸಹಕರಿಸಬೇಕೆಂದು ಸಹಾಯಕ ಕಾರ್ಯನಿರ್ವಾಹಕ ಇಂಜಿನಿಯರ್ ಮಹಾಂತೇಶ್ ಅವರು ಪ್ರಕಟಣೆಯಲ್ಲಿ ತಿಳಿಸಿದ್ದಾರೆ. ಹೆಚ್ಚಿನ ಮಾಹಿತಿಗೆ ಮೊ.ಸಂ. 9449844326ನ್ನು ಸಂಪರ್ಕಿಸಬಹುದಾಗಿದೆ.
ಪದವಿ ಕಾಲೇಜಿನಲ್ಲಿ ವಿಶ್ವ ಜನಸಂಖ್ಯಾ ದಿನಾಚರಣೆ
#ಅಮೃತವಾಣಿ.ಇನ್

ಹುಳಿಯಾರು: ಹುಳಿಯಾರು-ಕೆಂಕೆರೆ ಬಿಎಂಎಸ್ ಸರ್ಕಾರಿ ಪ್ರಥಮ ದರ್ಜೆ ಕಾಲೇಜಿನ ಅರ್ಥಶಾಸ್ತ್ರ ವಿಭಾಗ ಸಮೃದ್ಧಿ ವೇದಿಕೆಯಿಂದ ಶುಕ್ರವಾರ ವಿಶ್ವ ಜನಸಂಖ್ಯಾ ದಿನಾಚರಣೆಯನ್ನು ಆಚರಿಸಲಾಯಿತು. ಪ್ರಾಂಶುಪಾಲರಾದ ಎಸ್.ಸಿ. ವೀರಣ್ಣ ಮಾತನಾಡಿ ಜನಸಂಖ್ಯೆ ಬೆಳವಣಿಗೆ ಸಂಪನ್ಮೂಲಗಳ ಪ್ರಮಾಣ ಕ್ಷೀಣಿಸುತ್ತಾ ಹೋಗುತ್ತಿದೆ. ಆದರೆ ಇತ್ತೀಚೆಗೆ ಜಗತ್ತಿನ ಹಲವು ರಾಷ್ಟ್ರಗಳಲ್ಲಿ ನಾನಾ ಲೋಪದಿಂದ ಜನಸಂಖ್ಯೆ ಹೆಚ್ಚಾಗುತ್ತಿದ್ದು ಅದನ್ನು ನಿಯಂತ್ರಿಸುವ ಮೂಲಕ ಸುಂದರವಾದ ಸಮಾಜವನ್ನು ನಿರ್ಮಾಣ ಮಾಡುವಲ್ಲಿ ನಾವೆಲ್ಲರೂ ಜಾಗೃತರಾಗಬೇಕಿದೆ ಎಂದರು. ಜಾಗೃತಿ ಕುರಿತು ಅರ್ಥಶಾಸ್ತ್ರ ಪ್ರಾಧ್ಯಾಪಕ ಡಾ. ಜಗದೀಶ್ ಮಾತನಾಡಿ ಜಗತ್ತಿನ ಬಹುತೇಕ

ರಾಷ್ಟ್ರಗಳಲ್ಲಿ ಜನಸಂಖ್ಯೆ ಬೆಳವಣಿಗೆ ವೇಗವಾಗಿ ಹೆಚ್ಚಾಗುತ್ತಿದೆ. ಪರಿಣಾಮ ಮಾನವ ಕುಲಕ್ಕೆ ಗಂಭೀರ ಸಮಸ್ಯೆಗಳು ಎದುರಾಗುತ್ತಿವೆ. ಇದ ಕಾರಣ ಜನಸಂಖ್ಯೆ ಬೆಳವಣಿಗೆಯನ್ನು ನಿಯಂತ್ರಿಸುವುದು ಅನಿವಾರ್ಯವಾಗಿದೆ ಎಂದು ತಿಳಿಸಿದರು. ಅರ್ಥಶಾಸ್ತ್ರ ಉಪನ್ಯಾಸಕರಾದ ಜಂಬಪ್ಪಕಾಶ್ ಮಾತನಾಡಿ ಇತ್ತೀಚೆಗೆ ಭೂಮಿಯ ಧಾರಣ ಸಾಮರ್ಥ್ಯವನ್ನು ಮೀರಿ ಜನಸಂಖ್ಯೆ ಹೆಚ್ಚಾಗುತ್ತಿದ್ದು, ಪರಿಸರ ಗಂಭೀರ ಸಮಸ್ಯೆಗಳು ಸೃಷ್ಟಿಯಾಗಿವೆ. ಜನಸಂಖ್ಯೆ ಅಧಿಕ ಸಂಪನ್ಮೂಲಗಳ ಬಳಕೆ ಮತ್ತು ಅಭಿವೃದ್ಧಿಗೆ ಮಾರಕವಾಗಲಿದೆ. ಅದ್ದರಿಂದ ಮಾನವ ದೃಷ್ಟಿ ಮತ್ತು ಮಾನಸಿಕ ಬೆಳವಣಿಗೆಗಳು ಅತ್ಯವಶ್ಯಕ ಎಂದರು. ಉಪನ್ಯಾಸಕರಾದ ಸುಮಲ್ಯ, ಡಾ.ಸರಸ್ವತಿ ಹಾಗೂ ಕಾಲೇಜಿನ ಸಿಬ್ಬಂದಿ ವರ್ಗ ಮತ್ತು ವಿದ್ಯಾರ್ಥಿಗಳು ಭಾಗವಹಿಸಿದ್ದರು.
